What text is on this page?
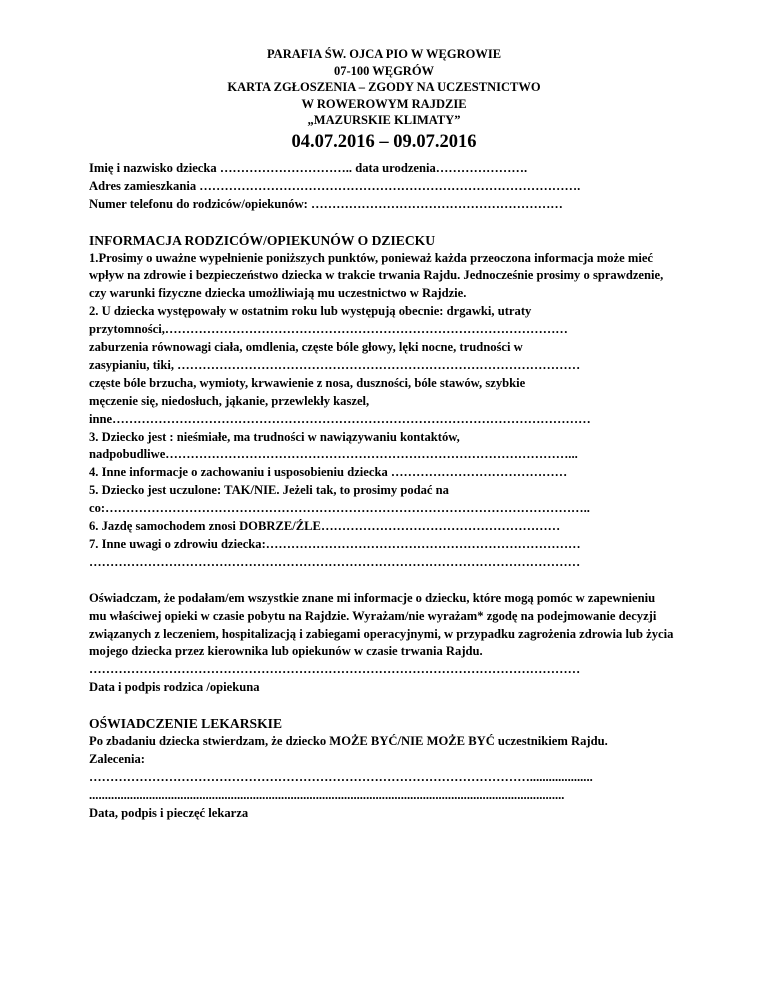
PARAFIA ŚW. OJCA PIO W WĘGROWIE
07-100 WĘGRÓW
KARTA ZGŁOSZENIA – ZGODY NA UCZESTNICTWO
W ROWEROWYM RAJDZIE
„MAZURSKIE KLIMATY”
04.07.2016 – 09.07.2016
Imię i nazwisko dziecka ………………………….. data urodzenia………………….
Adres zamieszkania ……………………………………………………………………………….
Numer telefonu do rodziców/opiekunów: ……………………………………………………
INFORMACJA RODZICÓW/OPIEKUNÓW O DZIECKU
1.Prosimy o uważne wypełnienie poniższych punktów, ponieważ każda przeoczona informacja może mieć wpływ na zdrowie i bezpieczeństwo dziecka w trakcie trwania Rajdu. Jednocześnie prosimy o sprawdzenie, czy warunki fizyczne dziecka umożliwiają mu uczestnictwo w Rajdzie.
2. U dziecka występowały w ostatnim roku lub występują obecnie: drgawki, utraty
przytomności,……………………………………………………………………………………
zaburzenia równowagi ciała, omdlenia, częste bóle głowy, lęki nocne, trudności w
zasypianiu, tiki, ……………………………………………………………………………………
częste bóle brzucha, wymioty, krwawienie z nosa, duszności, bóle stawów, szybkie
męczenie się, niedosłuch, jąkanie, przewlekły kaszel,
inne……………………………………………………………………………………………………
3. Dziecko jest : nieśmiałe, ma trudności w nawiązywaniu kontaktów,
nadpobudliwe……………………………………………………………………………………...
4. Inne informacje o zachowaniu i usposobieniu dziecka ……………………………………
5. Dziecko jest uczulone: TAK/NIE. Jeżeli tak, to prosimy podać na
co:……………………………………………………………………………………………………..
6. Jazdę samochodem znosi DOBRZE/ŹLE…………………………………………………
7. Inne uwagi o zdrowiu dziecka:…………………………………………………………………
………………………………………………………………………………………………………
Oświadczam, że podałam/em wszystkie znane mi informacje o dziecku, które mogą pomóc w zapewnieniu mu właściwej opieki w czasie pobytu na Rajdzie. Wyrażam/nie wyrażam* zgodę na podejmowanie decyzji związanych z leczeniem, hospitalizacją i zabiegami operacyjnymi, w przypadku zagrożenia zdrowia lub życia mojego dziecka przez kierownika lub opiekunów w czasie trwania Rajdu.
………………………………………………………………………………………………………
Data i podpis rodzica /opiekuna
OŚWIADCZENIE LEKARSKIE
Po zbadaniu dziecka stwierdzam, że dziecko MOŻE BYĆ/NIE MOŻE BYĆ uczestnikiem Rajdu.
Zalecenia:
……………………………………………………………………………………………....................
.......................................................................................................................................................
Data, podpis i pieczęć lekarza
